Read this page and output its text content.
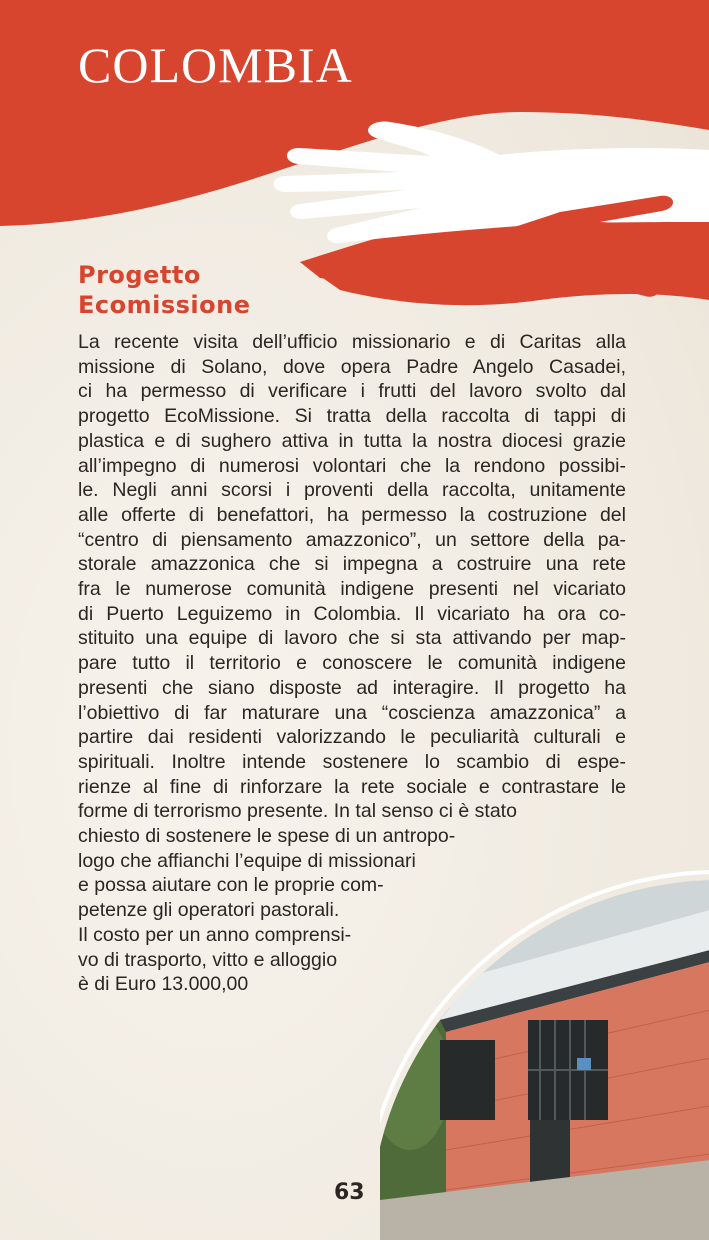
COLOMBIA
Progetto
Ecomissione
La recente visita dell’ufficio missionario e di Caritas alla
missione di Solano, dove opera Padre Angelo Casadei,
ci ha permesso di verificare i frutti del lavoro svolto dal
progetto EcoMissione. Si tratta della raccolta di tappi di
plastica e di sughero attiva in tutta la nostra diocesi grazie
all’impegno di numerosi volontari che la rendono possibi-
le. Negli anni scorsi i proventi della raccolta, unitamente
alle offerte di benefattori, ha permesso la costruzione del
“centro di piensamento amazzonico”, un settore della pa-
storale amazzonica che si impegna a costruire una rete
fra le numerose comunità indigene presenti nel vicariato
di Puerto Leguizemo in Colombia. Il vicariato ha ora co-
stituito una equipe di lavoro che si sta attivando per map-
pare tutto il territorio e conoscere le comunità indigene
presenti che siano disposte ad interagire. Il progetto ha
l’obiettivo di far maturare una “coscienza amazzonica” a
partire dai residenti valorizzando le peculiarità culturali e
spirituali. Inoltre intende sostenere lo scambio di espe-
rienze al fine di rinforzare la rete sociale e contrastare le
forme di terrorismo presente. In tal senso ci è stato
chiesto di sostenere le spese di un antropo-
logo che affianchi l’equipe di missionari
e possa aiutare con le proprie com-
petenze gli operatori pastorali.
Il costo per un anno comprensi-
vo di trasporto, vitto e alloggio
è di Euro 13.000,00
63
